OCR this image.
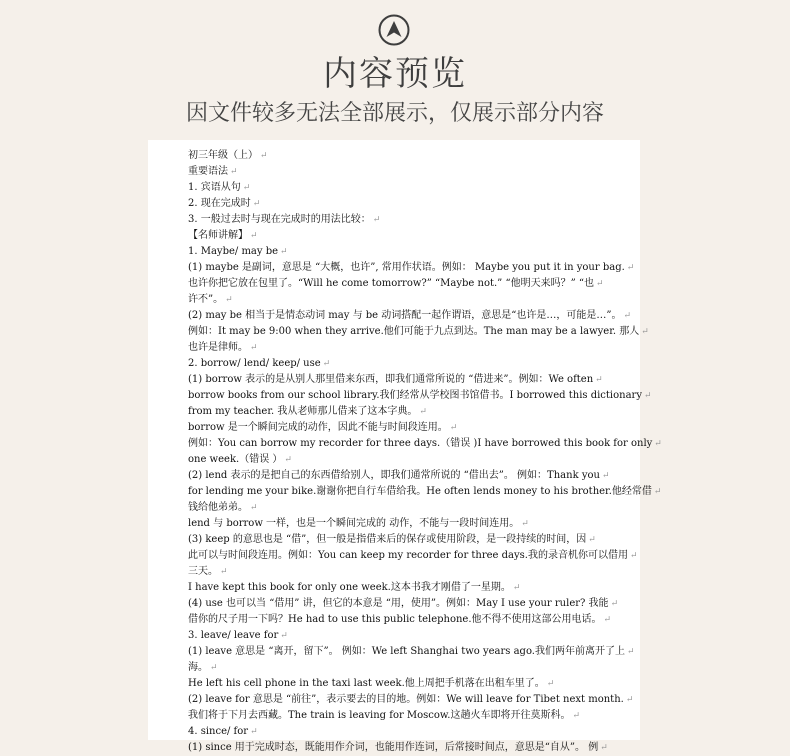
内容预览
因文件较多无法全部展示，仅展示部分内容
初三年级（上） ↵
重要语法 ↵
1. 宾语从句 ↵
2. 现在完成时 ↵
3. 一般过去时与现在完成时的用法比较： ↵
【名师讲解】 ↵
1. Maybe/ may be ↵
(1) maybe 是副词，意思是 “大概，也许”, 常用作状语。例如： Maybe you put it in your bag. ↵
也许你把它放在包里了。“Will he come tomorrow?” “Maybe not.” “他明天来吗？” “也 ↵
许不”。 ↵
(2) may be 相当于是情态动词 may 与 be 动词搭配一起作谓语，意思是“也许是…，可能是…”。 ↵
例如：It may be 9:00 when they arrive.他们可能于九点到达。The man may be a lawyer. 那人 ↵
也许是律师。 ↵
2. borrow/ lend/ keep/ use ↵
(1) borrow 表示的是从别人那里借来东西，即我们通常所说的 “借进来”。例如：We often ↵
borrow books from our school library.我们经常从学校图书馆借书。I borrowed this dictionary ↵
from my teacher. 我从老师那儿借来了这本字典。 ↵
borrow 是一个瞬间完成的动作，因此不能与时间段连用。 ↵
例如：You can borrow my recorder for three days.（错误 )I have borrowed this book for only ↵
one week.（错误 ） ↵
(2) lend 表示的是把自己的东西借给别人，即我们通常所说的 “借出去”。 例如：Thank you ↵
for lending me your bike.谢谢你把自行车借给我。He often lends money to his brother.他经常借 ↵
钱给他弟弟。 ↵
lend 与 borrow 一样，也是一个瞬间完成的 动作，不能与一段时间连用。 ↵
(3) keep 的意思也是 “借”，但一般是指借来后的保存或使用阶段，是一段持续的时间，因 ↵
此可以与时间段连用。例如：You can keep my recorder for three days.我的录音机你可以借用 ↵
三天。 ↵
I have kept this book for only one week.这本书我才刚借了一星期。 ↵
(4) use 也可以当 “借用” 讲，但它的本意是 “用，使用”。例如：May I use your ruler? 我能 ↵
借你的尺子用一下吗？He had to use this public telephone.他不得不使用这部公用电话。 ↵
3. leave/ leave for ↵
(1) leave 意思是 “离开，留下”。 例如：We left Shanghai two years ago.我们两年前离开了上 ↵
海。 ↵
He left his cell phone in the taxi last week.他上周把手机落在出租车里了。 ↵
(2) leave for 意思是 “前往”，表示要去的目的地。例如：We will leave for Tibet next month. ↵
我们将于下月去西藏。The train is leaving for Moscow.这趟火车即将开往莫斯科。 ↵
4. since/ for ↵
(1) since 用于完成时态，既能用作介词，也能用作连词，后常接时间点，意思是“自从”。 例 ↵
